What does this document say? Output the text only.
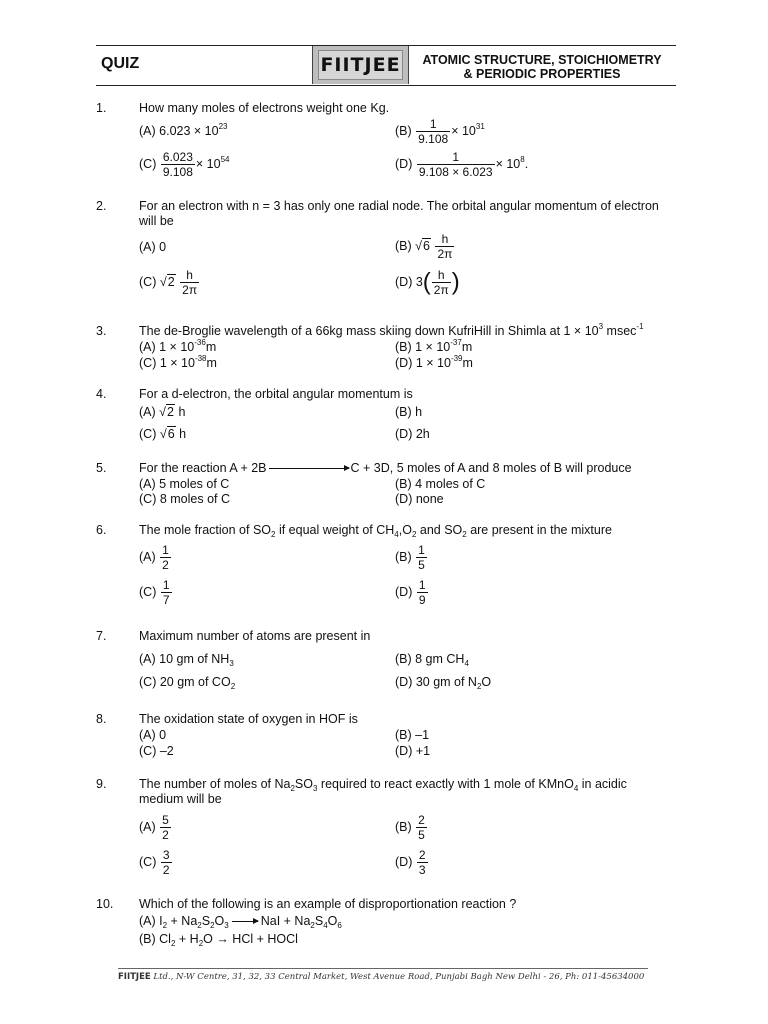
QUIZ	FIITJEE	ATOMIC STRUCTURE, STOICHIOMETRY
& PERIODIC PROPERTIES
1.	How many moles of electrons weight one Kg.
(A) $6.023 \times 10^{23}$	$(B) \frac{1}{9.108} \times 10^{31}$
$(C) \frac{6.023}{9.108} \times 10^{54}$	$(D) \frac{1}{9.108 \times 6.023} \times 10^8$.
2.	For an electron with n = 3 has only one radial node. The orbital angular momentum of electron will be
(A) 0	(B) $√6 \frac{h}{2\pi}$
(C) $√2 \frac{h}{2\pi}$	(D) $3( \frac{h}{2\pi}$ )
3.	The de-Broglie wavelength of a 66kg mass skiing down KufriHill in Shimla at $1 \times 10^3$ msec$^{-1}$
(A) $1 \times 10^{-36}m$	(B) $1 \times 10^{-37}m$
(C) $1 \times 10^{-38}m$	(D) $1 \times 10^{-39}m$
4.	For a d-electron, the orbital angular momentum is
(A) √2 h	(B) h
(C) √6 h	(D) 2h
5.	For the reaction A + 2B	C + 3D, 5 moles of A and 8 moles of B will produce
(A) 5 moles of C	(B) 4 moles of C
(C) 8 moles of C	(D) none
6.	The mole fraction of $SO_2$ if equal weight of $CH_4,O_2$ and $SO_2$ are present in the mixture
$(A) \frac{1}{2}$	$(B) \frac{1}{5}$
$(C) \frac{1}{7}$	$(D) \frac{1}{9}$
7.	Maximum number of atoms are present in
(A) 10 gm of $NH_3$	(B) 8 gm $CH_4$
(C) 20 gm of $CO_2$	(D) 30 gm of $N_2O$
8.	The oxidation state of oxygen in HOF is
(A) 0	(B) –1
(C) –2	(D) +1
9.	The number of moles of $Na_2SO_3$ required to react exactly with 1 mole of KMnO$_4$ in acidic
medium will be
$(A) \frac{5}{2}$	$(B) \frac{2}{5}$
$(C) \frac{3}{2}$	$(D) \frac{2}{3}$
10. Which of the following is an example of disproportionation reaction ?
(A) $I_2 + Na_2S_2O_3$ → NaI + $Na_2S_4O_6$
(B) $Cl_2 + H_2O$ → HCl + HOCl
FIITJEE Ltd., N-W Centre, 31, 32, 33 Central Market, West Avenue Road, Punjabi Bagh New Delhi - 26, Ph: 011-45634000
